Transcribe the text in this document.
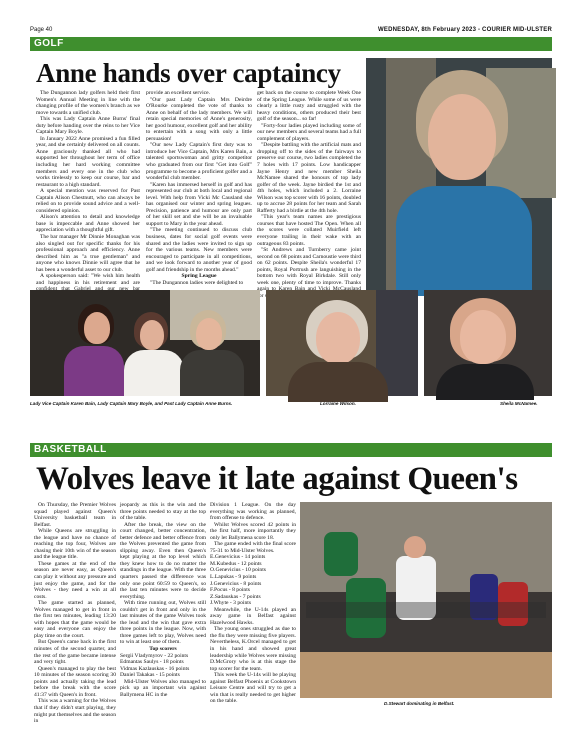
Page 40	WEDNESDAY, 8th February 2023 - COURIER MID-ULSTER
GOLF
Anne hands over captaincy

The Dungannon lady golfers held their first Women's Annual Meeting in line with the changing profile of the women's branch as we move towards a unified club.

This was Lady Captain Anne Burns' final duty before handing over the reins to her Vice Captain Mary Boyle.

In January 2022 Anne promised a fun filled year, and she certainly delivered on all counts. Anne graciously thanked all who had supported her throughout her term of office including her hard working committee members and every one in the club who works tirelessly to keep our course, bar and restaurant to a high standard.

A special mention was reserved for Past Captain Alison Chestnutt, who can always be relied on to provide sound advice and a well-considered opinion.

Alison's attention to detail and knowledge base is impeccable and Anne showed her appreciation with a thoughtful gift.

The bar manager Mr Dinnie Monaghan was also singled out for specific thanks for his professional approach and efficiency. Anne described him as "a true gentleman" and anyone who knows Dinnie will agree that he has been a wonderful asset to our club.

A spokesperson said: "We wish him health and happiness in his retirement and are

provide an excellent service.

"Our past Lady Captain Mrs Deirdre O'Rourke completed the vote of thanks to Anne on behalf of the lady members. We will retain special memories of Anne's generosity, her good humour, excellent golf and her ability to entertain with a song with only a little persuasion!

"Our new Lady Captain's first duty was to introduce her Vice Captain, Mrs Karen Bain, a talented sportswoman and gritty competitor who graduated from our first "Get into Golf" programme to become a proficient golfer and a wonderful club member.

"Karen has immersed herself in golf and has represented our club at both local and regional level. With help from Vicki Mc Causland she has organised our winter and spring leagues. Precision, patience and humour are only part of her skill set and she will be an invaluable support to Mary in the year ahead.

"The meeting continued to discuss club business, dates for social golf events were shared and the ladies were invited to sign up for the various teams. New members were encouraged to participate in all competitions, and we look forward to another year of good golf and friendship in the months ahead."

Spring League

"The Dungannon ladies were delighted to

get back on the course to complete Week One of the Spring League. While some of us were clearly a little rusty and struggled with the heavy conditions, others produced their best golf of the season... so far!

"Forty-four ladies played including some of our new members and several teams had a full complement of players.

"Despite battling with the artificial mats and dropping off to the sides of the fairways to preserve our course, two ladies completed the 7 holes with 17 points. Low handicapper Jayne Henry and new member Sheila McNamee shared the honours of top lady golfer of the week. Jayne birdied the 1st and 4th holes, which included a 2. Lorraine Wilson was top scorer with 16 points, doubled up to accrue 28 points for her team and Sarah Rafferty had a birdie at the 4th hole.

"This year's team names are prestigious courses that have hosted The Open. When all the scores were collated Muirfield left everyone trailing in their wake with an outrageous 83 points.

"St Andrews and Turnberry came joint second on 68 points and Carnoustie were third on 62 points. Despite Sheila's wonderful 17 points, Royal Portrush are languishing in the bottom two with Royal Birkdale. Still only week one, plenty of time to improve. Thanks again for

Lady Vice Captain Karen Bain, Lady Captain Mary Boyle, and Past Lady Captain Anne Burns.	Lorraine Wilson.	Sheila McNamee.
BASKETBALL
Wolves leave it late against Queen's

On Thursday, the Premier Wolves squad played against Queen's University basketball team in Belfast.

While Queens are struggling in the league and have no chance of reaching the top four, Wolves are chasing their 10th win of the season and the league title.

These games at the end of the season are never easy, as Queen's can play it without any pressure and just enjoy the game, and for the Wolves - they need a win at all costs.

The game started as planned, Wolves managed to get in front in the first ten minutes, leading 13:20 with hopes that the game would be easy and everyone can enjoy the play time on the court.

But Queen's came back in the first minutes of the second quarter, and the rest of the game became intense and very tight.

Queen's managed to play the best 10 minutes of the season scoring 30 points and actually taking the lead before the break with the score 41:37 with Queen's in front.

This was a warning for the Wolves that if they didn't start playing, they might put themselves and the season in

jeopardy as this is the win and the three points needed to stay at the top of the table.

After the break, the view on the court changed, better concentration, better defence and better offence from the Wolves prevented the game from slipping away. Even then Queen's kept playing at the top level which they knew how to do no matter the standings in the league. With the three quarters passed the difference was only one point 60:59 to Queen's, so the last ten minutes were to decide everything.

With time running out, Wolves still couldn't get in front and only in the last minutes of the game Wolves took the lead and the win that gave extra three points in the league. Now, with three games left to play, Wolves need to win at least one of them.

Top scorers

Sergii Vladymyrov - 22 points

Edmantas Saulys - 18 points

Vidmas Kazlauskas - 16 points

Daniel Takakas - 15 points

Mid-Ulster Wolves also managed to pick up an important win against Ballymena HC in the

Division 1 League. On the day everything was working as planned, from offense to defence.

Whilst Wolves scored 42 points in the first half, more importantly they only let Ballymena score 18.

The game ended with the final score 75-31 to Mid-Ulster Wolves.

E.Genevicius - 14 points

M.Kubedus - 12 points

O.Genevicius - 10 points

L.Lapukas - 9 points

J.Genevicius - 8 points

F.Pocus - 8 points

Z.Sadauskas - 7 points

J.Whyte - 3 points

Meanwhile, the U-14s played an away game in Belfast against Hazelwood Hawks.

The young ones struggled as due to the flu they were missing five players. Nevertheless, K.Orcel managed to get in his hand and showed great leadership while Wolves were missing D.McGrory who is at this stage the top scorer for the team.

This week the U-14s will be playing against Belfast Phoenix at Cookstown Leisure Centre and will try to get a win that is really needed to get higher on the table.	D.Stewart dominating in Belfast.
